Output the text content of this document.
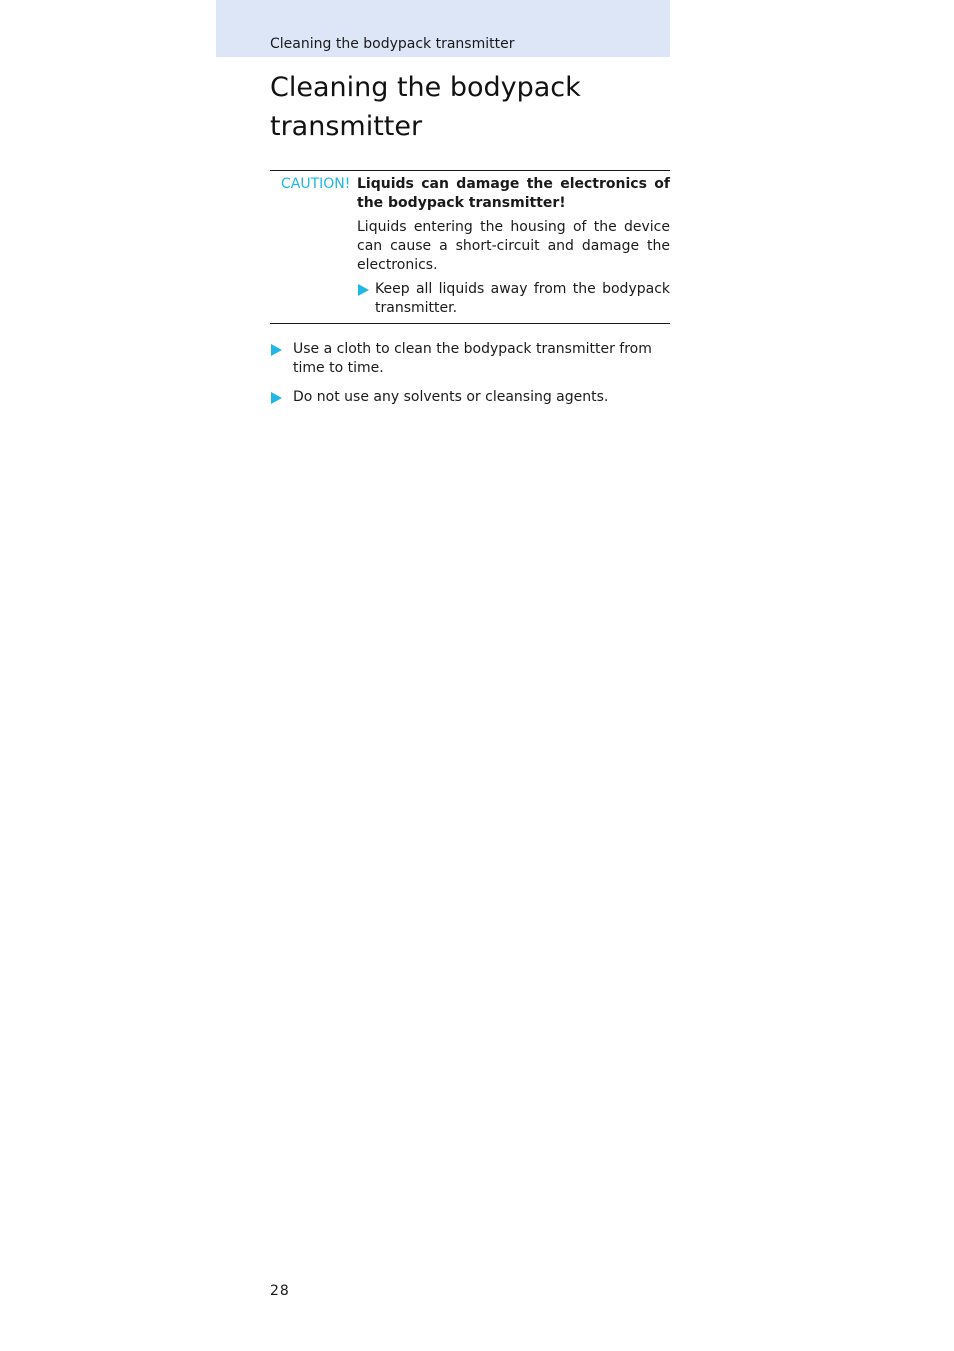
Cleaning the bodypack transmitter
Cleaning the bodypack transmitter
CAUTION! Liquids can damage the electronics of the bodypack transmitter!

Liquids entering the housing of the device can cause a short-circuit and damage the electronics.

Keep all liquids away from the bodypack transmitter.

Use a cloth to clean the bodypack transmitter from time to time.

Do not use any solvents or cleansing agents.

28
